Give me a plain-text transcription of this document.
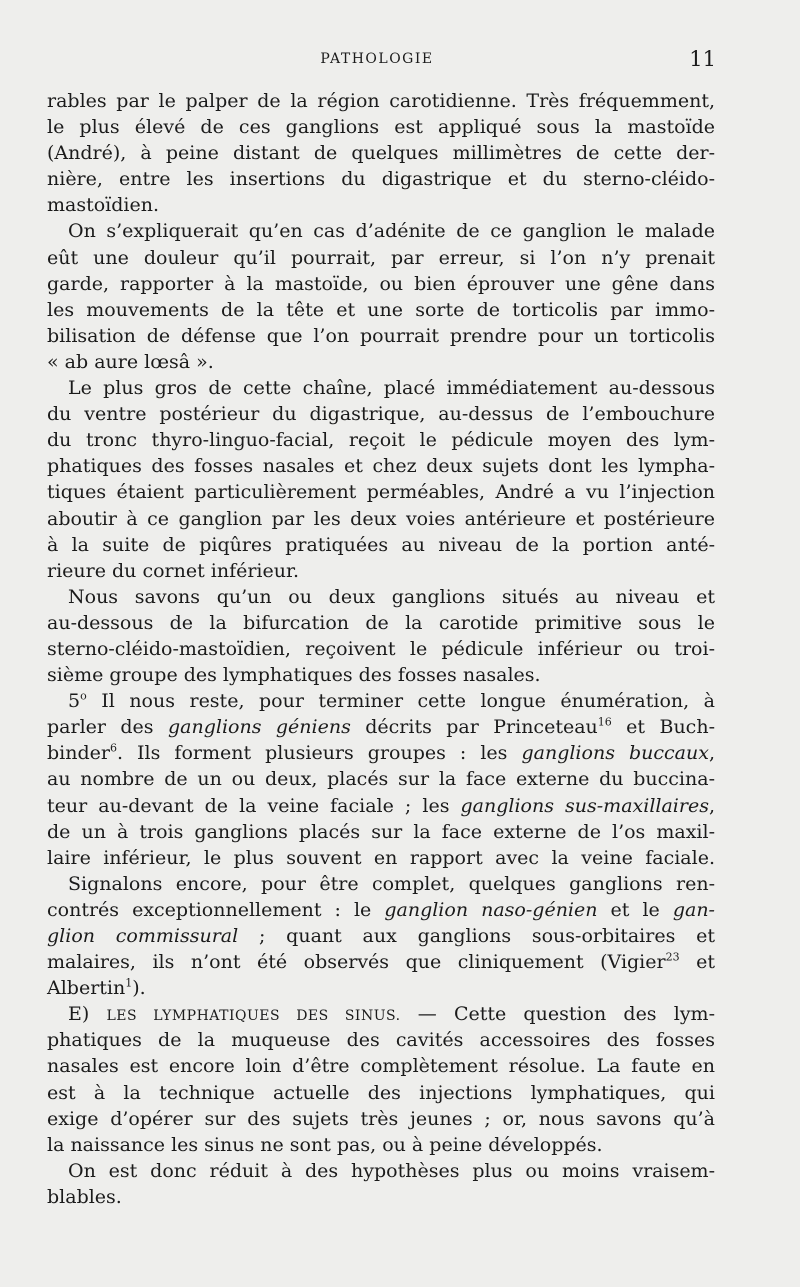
PATHOLOGIE	11
rables par le palper de la région carotidienne. Très fréquemment,
le plus élevé de ces ganglions est appliqué sous la mastoïde
(André), à peine distant de quelques millimètres de cette der-
nière, entre les insertions du digastrique et du sterno-cléido-
mastoïdien.
On s’expliquerait qu’en cas d’adénite de ce ganglion le malade
eût une douleur qu’il pourrait, par erreur, si l’on n’y prenait
garde, rapporter à la mastoïde, ou bien éprouver une gêne dans
les mouvements de la tête et une sorte de torticolis par immo-
bilisation de défense que l’on pourrait prendre pour un torticolis
« ab aure lœsâ ».
Le plus gros de cette chaîne, placé immédiatement au-dessous
du ventre postérieur du digastrique, au-dessus de l’embouchure
du tronc thyro-linguo-facial, reçoit le pédicule moyen des lym-
phatiques des fosses nasales et chez deux sujets dont les lympha-
tiques étaient particulièrement perméables, André a vu l’injection
aboutir à ce ganglion par les deux voies antérieure et postérieure
à la suite de piqûres pratiquées au niveau de la portion anté-
rieure du cornet inférieur.
Nous savons qu’un ou deux ganglions situés au niveau et
au-dessous de la bifurcation de la carotide primitive sous le
sterno-cléido-mastoïdien, reçoivent le pédicule inférieur ou troi-
sième groupe des lymphatiques des fosses nasales.
5$^o$ Il nous reste, pour terminer cette longue énumération, à
parler des ganglions géniens décrits par Princeteau$^{16}$ et Buch-
binder$^6$. Ils forment plusieurs groupes : les ganglions buccaux,
au nombre de un ou deux, placés sur la face externe du buccina-
teur au-devant de la veine faciale ; les ganglions sus-maxillaires,
de un à trois ganglions placés sur la face externe de l’os maxil-
laire inférieur, le plus souvent en rapport avec la veine faciale.
Signalons encore, pour être complet, quelques ganglions ren-
contrés exceptionnellement : le ganglion naso-génien et le gan-
glion commissural ; quant aux ganglions sous-orbitaires et
malaires, ils n’ont été observés que cliniquement (Vigier$^{23}$ et
Albertin$^1$).
E) LES LYMPHATIQUES DES SINUS. — Cette question des lym-
phatiques de la muqueuse des cavités accessoires des fosses
nasales est encore loin d’être complètement résolue. La faute en
est à la technique actuelle des injections lymphatiques, qui
exige d’opérer sur des sujets très jeunes ; or, nous savons qu’à
la naissance les sinus ne sont pas, ou à peine développés.
On est donc réduit à des hypothèses plus ou moins vraisem-
blables.
